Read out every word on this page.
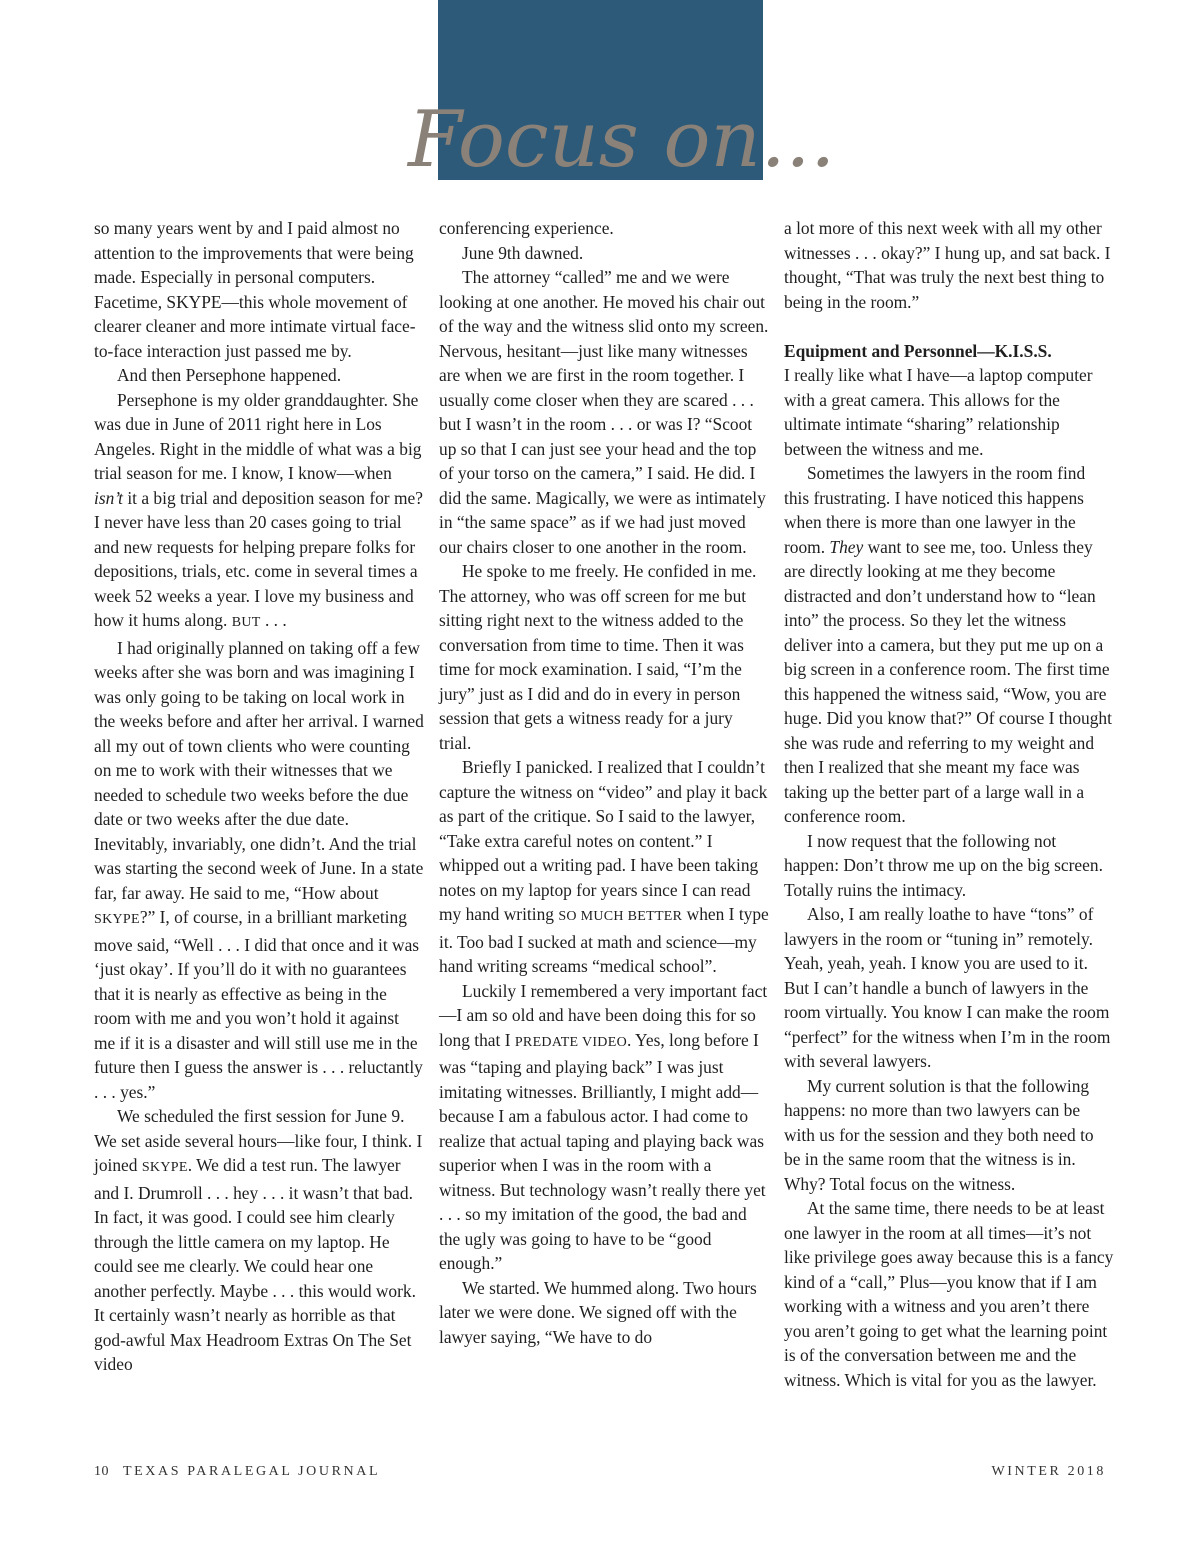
Focus on...

so many years went by and I paid almost no attention to the improvements that were being made. Especially in personal computers. Facetime, SKYPE—this whole movement of clearer cleaner and more intimate virtual face-to-face interaction just passed me by.

And then Persephone happened.

Persephone is my older granddaughter. She was due in June of 2011 right here in Los Angeles. Right in the middle of what was a big trial season for me. I know, I know—when isn’t it a big trial and deposition season for me? I never have less than 20 cases going to trial and new requests for helping prepare folks for depositions, trials, etc. come in several times a week 52 weeks a year. I love my business and how it hums along. BUT . . .

I had originally planned on taking off a few weeks after she was born and was imagining I was only going to be taking on local work in the weeks before and after her arrival. I warned all my out of town clients who were counting on me to work with their witnesses that we needed to schedule two weeks before the due date or two weeks after the due date. Inevitably, invariably, one didn’t. And the trial was starting the second week of June. In a state far, far away. He said to me, “How about SKYPE?” I, of course, in a brilliant marketing move said, “Well . . . I did that once and it was ‘just okay’. If you’ll do it with no guarantees that it is nearly as effective as being in the room with me and you won’t hold it against me if it is a disaster and will still use me in the future then I guess the answer is . . . reluctantly . . . yes.”

We scheduled the first session for June 9. We set aside several hours—like four, I think. I joined SKYPE. We did a test run. The lawyer and I. Drumroll . . . hey . . . it wasn’t that bad. In fact, it was good. I could see him clearly through the little camera on my laptop. He could see me clearly. We could hear one another perfectly. Maybe . . . this would work. It certainly wasn’t nearly as horrible as that god-awful Max Headroom Extras On The Set video

conferencing experience.

June 9th dawned.

The attorney “called” me and we were looking at one another. He moved his chair out of the way and the witness slid onto my screen. Nervous, hesitant—just like many witnesses are when we are first in the room together. I usually come closer when they are scared . . . but I wasn’t in the room . . . or was I? “Scoot up so that I can just see your head and the top of your torso on the camera,” I said. He did. I did the same. Magically, we were as intimately in “the same space” as if we had just moved our chairs closer to one another in the room.

He spoke to me freely. He confided in me. The attorney, who was off screen for me but sitting right next to the witness added to the conversation from time to time. Then it was time for mock examination. I said, “I’m the jury” just as I did and do in every in person session that gets a witness ready for a jury trial.

Briefly I panicked. I realized that I couldn’t capture the witness on “video” and play it back as part of the critique. So I said to the lawyer, “Take extra careful notes on content.” I whipped out a writing pad. I have been taking notes on my laptop for years since I can read my hand writing SO MUCH BETTER when I type it. Too bad I sucked at math and science—my hand writing screams “medical school”.

Luckily I remembered a very important fact—I am so old and have been doing this for so long that I PREDATE VIDEO. Yes, long before I was “taping and playing back” I was just imitating witnesses. Brilliantly, I might add—because I am a fabulous actor. I had come to realize that actual taping and playing back was superior when I was in the room with a witness. But technology wasn’t really there yet . . . so my imitation of the good, the bad and the ugly was going to have to be “good enough.”

We started. We hummed along. Two hours later we were done. We signed off with the lawyer saying, “We have to do

a lot more of this next week with all my other witnesses . . . okay?” I hung up, and sat back. I thought, “That was truly the next best thing to being in the room.”

Equipment and Personnel—K.I.S.S.

I really like what I have—a laptop computer with a great camera. This allows for the ultimate intimate “sharing” relationship between the witness and me.

Sometimes the lawyers in the room find this frustrating. I have noticed this happens when there is more than one lawyer in the room. They want to see me, too. Unless they are directly looking at me they become distracted and don’t understand how to “lean into” the process. So they let the witness deliver into a camera, but they put me up on a big screen in a conference room. The first time this happened the witness said, “Wow, you are huge. Did you know that?” Of course I thought she was rude and referring to my weight and then I realized that she meant my face was taking up the better part of a large wall in a conference room.

I now request that the following not happen: Don’t throw me up on the big screen. Totally ruins the intimacy.

Also, I am really loathe to have “tons” of lawyers in the room or “tuning in” remotely. Yeah, yeah, yeah. I know you are used to it. But I can’t handle a bunch of lawyers in the room virtually. You know I can make the room “perfect” for the witness when I’m in the room with several lawyers.

My current solution is that the following happens: no more than two lawyers can be with us for the session and they both need to be in the same room that the witness is in. Why? Total focus on the witness.

At the same time, there needs to be at least one lawyer in the room at all times—it’s not like privilege goes away because this is a fancy kind of a “call,” Plus—you know that if I am working with a witness and you aren’t there you aren’t going to get what the learning point is of the conversation between me and the witness. Which is vital for you as the lawyer.

10 TEXAS PARALEGAL JOURNAL	WINTER 2018
